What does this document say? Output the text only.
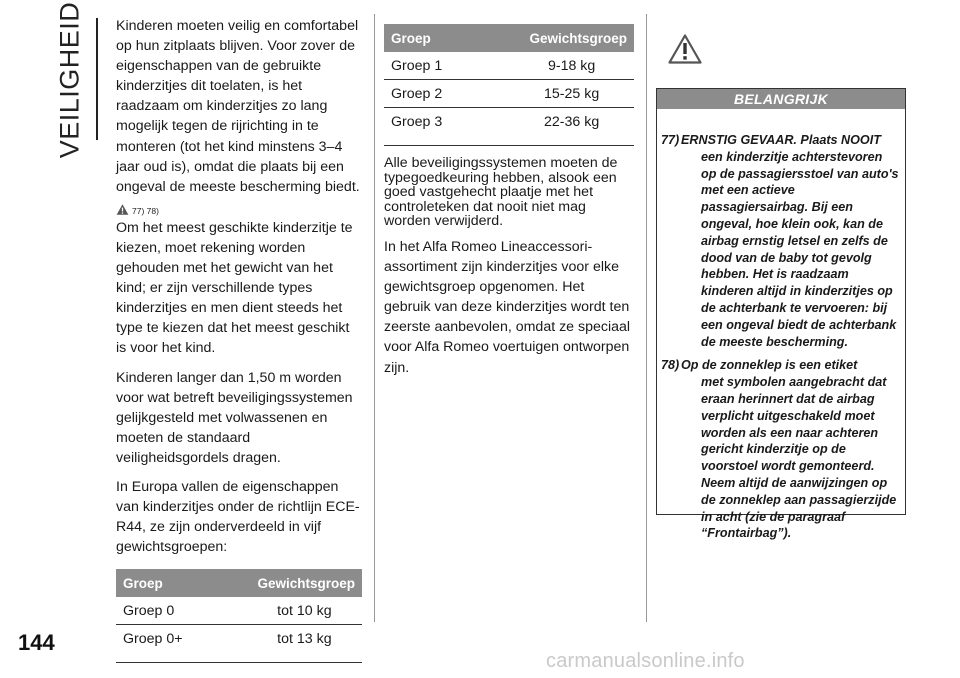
VEILIGHEID Kinderen moeten veilig en comfortabel op hun zitplaats blijven. Voor zover de eigenschappen van de gebruikte kinderzitjes dit toelaten, is het raadzaam om kinderzitjes zo lang mogelijk tegen de rijrichting in te monteren (tot het kind minstens 3–4 jaar oud is), omdat die plaats bij een ongeval de meeste bescherming biedt.

77) 78)

Om het meest geschikte kinderzitje te kiezen, moet rekening worden gehouden met het gewicht van het kind; er zijn verschillende types kinderzitjes en men dient steeds het type te kiezen dat het meest geschikt is voor het kind.

Kinderen langer dan 1,50 m worden voor wat betreft beveiligingssystemen gelijkgesteld met volwassenen en moeten de standaard veiligheidsgordels dragen.

In Europa vallen de eigenschappen van kinderzitjes onder de richtlijn ECE-R44, ze zijn onderverdeeld in vijf gewichtsgroepen:

Groep	Gewichtsgroep
Groep 0	tot 10 kg
Groep 0+	tot 13 kg
Groep	Gewichtsgroep
Groep 1	9-18 kg
Groep 2	15-25 kg
Groep 3	22-36 kg

Alle beveiligingssystemen moeten de typegoedkeuring hebben, alsook een goed vastgehecht plaatje met het controleteken dat nooit niet mag worden verwijderd.

In het Alfa Romeo Lineaccessori-assortiment zijn kinderzitjes voor elke gewichtsgroep opgenomen. Het gebruik van deze kinderzitjes wordt ten zeerste aanbevolen, omdat ze speciaal voor Alfa Romeo voertuigen ontworpen zijn.

BELANGRIJK
77) ERNSTIG GEVAAR. Plaats NOOIT
een kinderzitje achterstevoren op de passagiersstoel van auto's met een actieve passagiersairbag. Bij een ongeval, hoe klein ook, kan de airbag ernstig letsel en zelfs de dood van de baby tot gevolg hebben. Het is raadzaam kinderen altijd in kinderzitjes op de achterbank te vervoeren: bij een ongeval biedt de achterbank de meeste bescherming.
78) Op de zonneklep is een etiket
met symbolen aangebracht dat eraan herinnert dat de airbag verplicht uitgeschakeld moet worden als een naar achteren gericht kinderzitje op de voorstoel wordt gemonteerd. Neem altijd de aanwijzingen op de zonneklep aan passagierzijde in acht (zie de paragraaf “Frontairbag”).
144
carmanualsonline.info
